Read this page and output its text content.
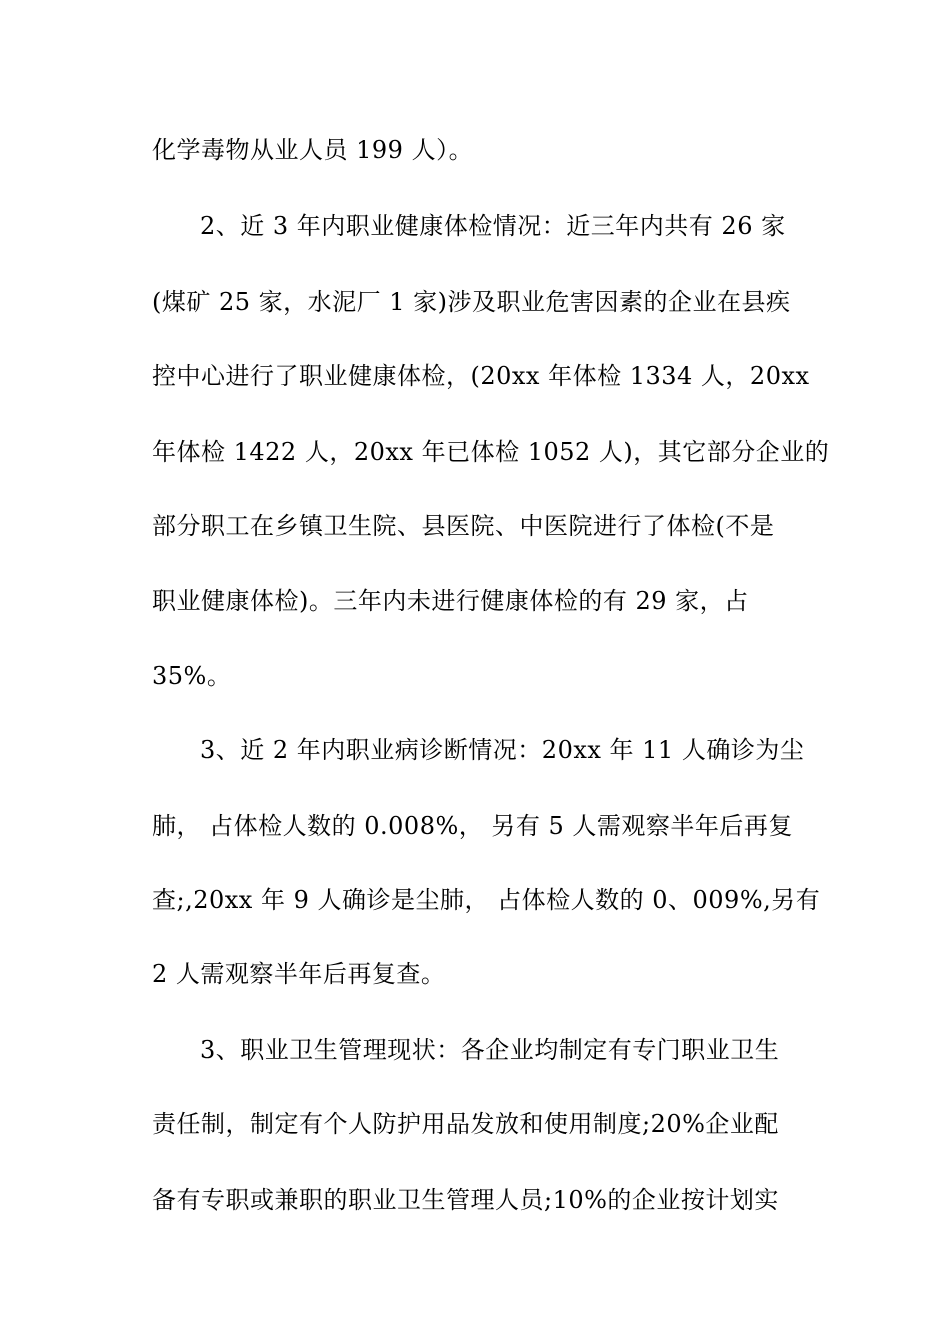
化学毒物从业人员 199 人）。
2、近 3 年内职业健康体检情况：近三年内共有 26 家
(煤矿 25 家，水泥厂 1 家)涉及职业危害因素的企业在县疾
控中心进行了职业健康体检，(20xx 年体检 1334 人，20xx
年体检 1422 人，20xx 年已体检 1052 人)，其它部分企业的
部分职工在乡镇卫生院、县医院、中医院进行了体检(不是
职业健康体检)。三年内未进行健康体检的有 29 家，占
35%。
3、近 2 年内职业病诊断情况：20xx 年 11 人确诊为尘
肺， 占体检人数的 0.008%， 另有 5 人需观察半年后再复
查;,20xx 年 9 人确诊是尘肺， 占体检人数的 0、009%,另有
2 人需观察半年后再复查。
3、职业卫生管理现状：各企业均制定有专门职业卫生
责任制，制定有个人防护用品发放和使用制度;20%企业配
备有专职或兼职的职业卫生管理人员;10%的企业按计划实
